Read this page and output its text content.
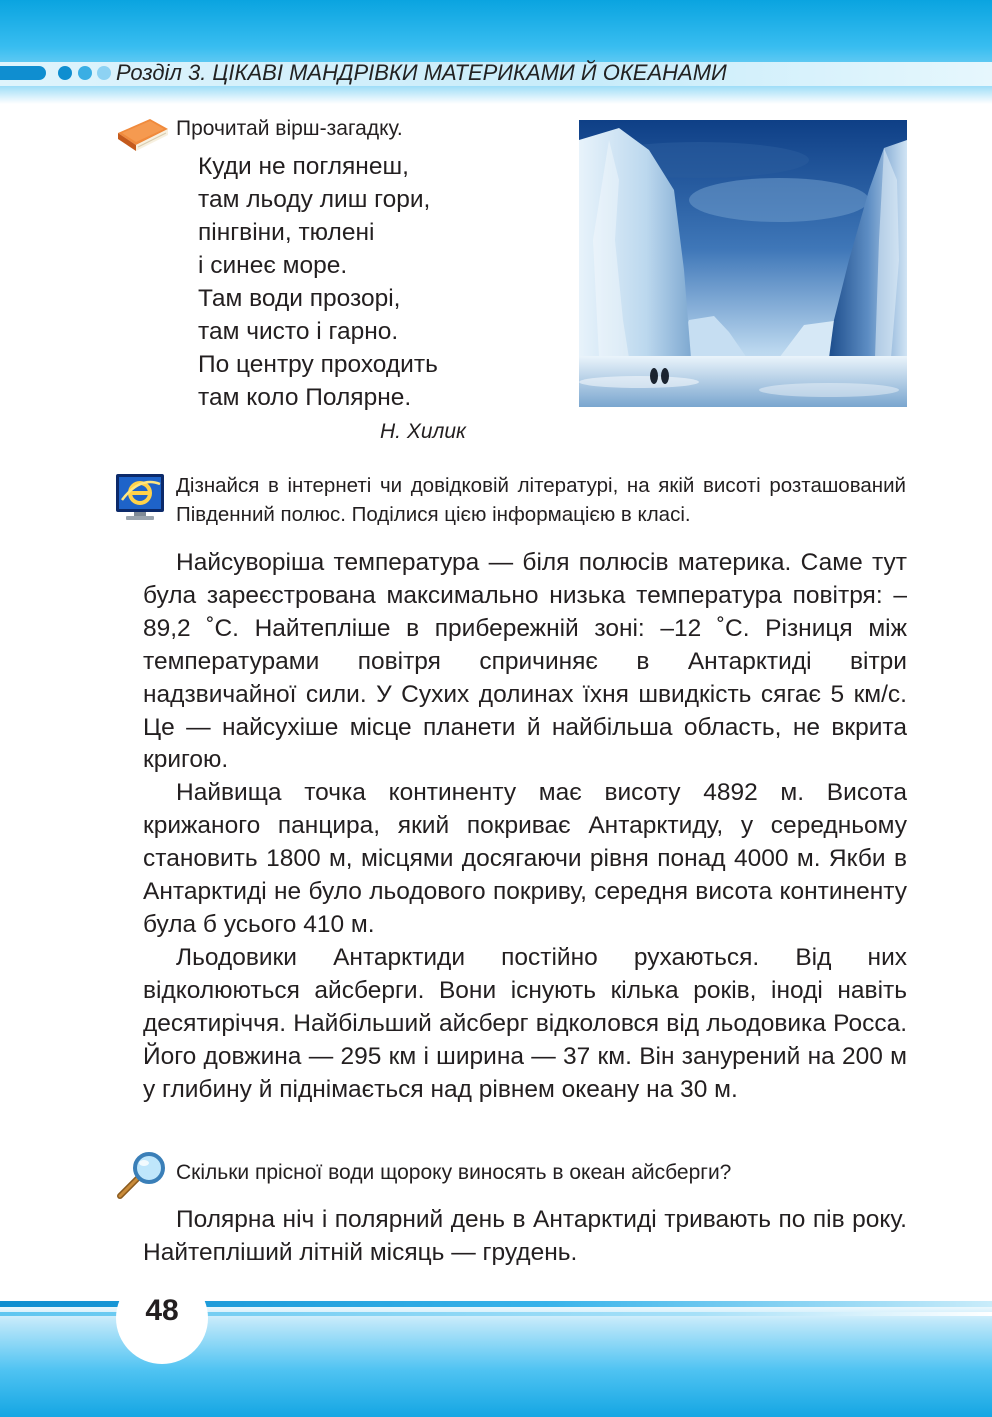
Розділ 3. ЦІКАВІ МАНДРІВКИ МАТЕРИКАМИ Й ОКЕАНАМИ
Прочитай вірш-загадку.
Куди не поглянеш,
там льоду лиш гори,
пінгвіни, тюлені
і синеє море.
Там води прозорі,
там чисто і гарно.
По центру проходить
там коло Полярне.
Н. Хилик
Дізнайся в інтернеті чи довідковій літературі, на якій висоті розташований Південний полюс. Поділися цією інформацією в класі.

Найсуворіша температура — біля полюсів материка. Саме тут була зареєстрована максимально низька температура повітря: – 89,2 ˚С. Найтепліше в прибережній зоні: –12 ˚С. Різниця між температурами повітря спричиняє в Антарктиді вітри надзвичайної сили. У Сухих долинах їхня швидкість сягає 5 км/с. Це — найсухіше місце планети й найбільша область, не вкрита кригою.

Найвища точка континенту має висоту 4892 м. Висота крижаного панцира, який покриває Антарктиду, у середньому становить 1800 м, місцями досягаючи рівня понад 4000 м. Якби в Антарктиді не було льодового покриву, середня висота континенту була б усього 410 м.

Льодовики Антарктиди постійно рухаються. Від них відколюються айсберги. Вони існують кілька років, іноді навіть десятиріччя. Найбільший айсберг відколовся від льодовика Росса. Його довжина — 295 км і ширина — 37 км. Він занурений на 200 м у глибину й піднімається над рівнем океану на 30 м.

Скільки прісної води щороку виносять в океан айсберги?

Полярна ніч і полярний день в Антарктиді тривають по пів року. Найтепліший літній місяць — грудень.

48
